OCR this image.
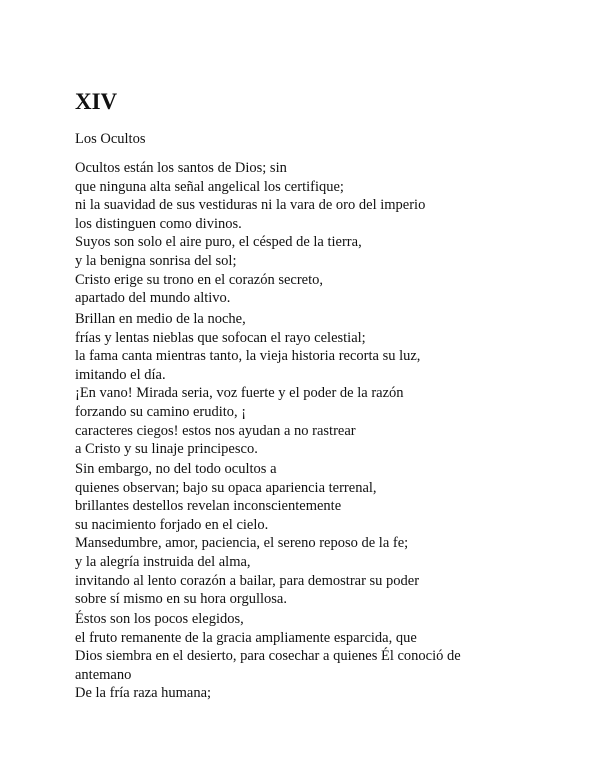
XIV

Los Ocultos

Ocultos están los santos de Dios; sin
que ninguna alta señal angelical los certifique;
ni la suavidad de sus vestiduras ni la vara de oro del imperio
los distinguen como divinos.
Suyos son solo el aire puro, el césped de la tierra,
y la benigna sonrisa del sol;
Cristo erige su trono en el corazón secreto,
apartado del mundo altivo.
Brillan en medio de la noche,
frías y lentas nieblas que sofocan el rayo celestial;
la fama canta mientras tanto, la vieja historia recorta su luz,
imitando el día.
¡En vano! Mirada seria, voz fuerte y el poder de la razón
forzando su camino erudito, ¡
caracteres ciegos! estos nos ayudan a no rastrear
a Cristo y su linaje principesco.
Sin embargo, no del todo ocultos a
quienes observan; bajo su opaca apariencia terrenal,
brillantes destellos revelan inconscientemente
su nacimiento forjado en el cielo.
Mansedumbre, amor, paciencia, el sereno reposo de la fe;
y la alegría instruida del alma,
invitando al lento corazón a bailar, para demostrar su poder
sobre sí mismo en su hora orgullosa.
Éstos son los pocos elegidos,
el fruto remanente de la gracia ampliamente esparcida, que
Dios siembra en el desierto, para cosechar a quienes Él conoció de
antemano
De la fría raza humana;
